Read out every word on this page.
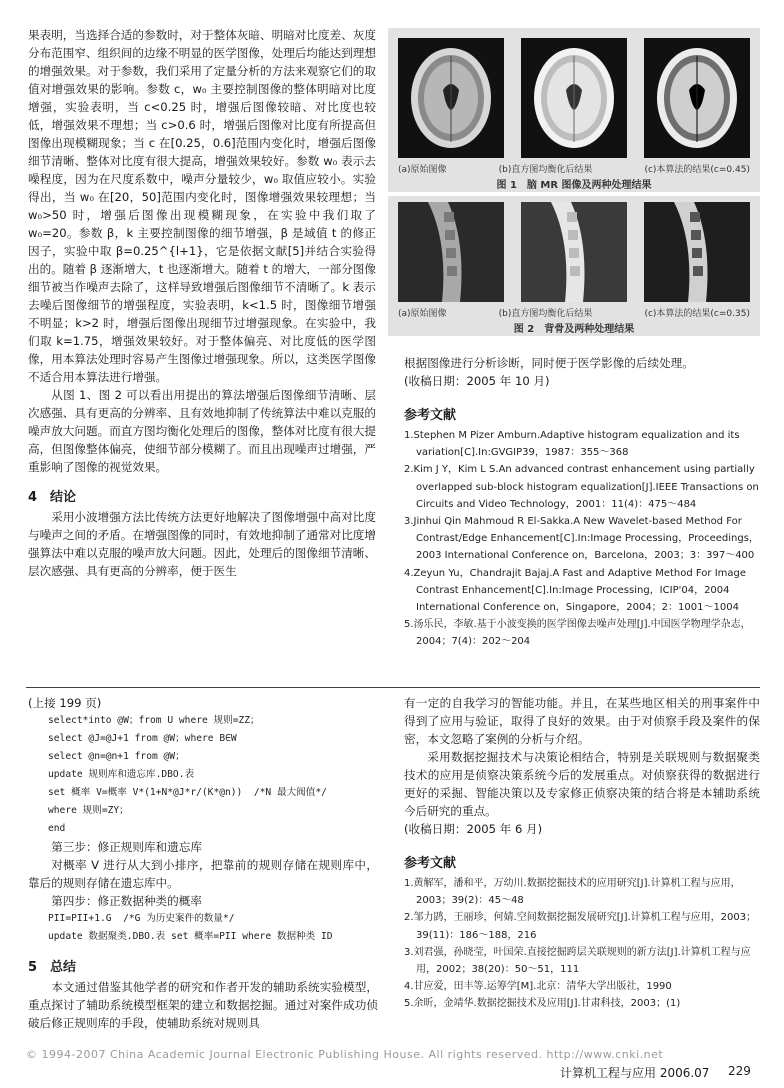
果表明，当选择合适的参数时，对于整体灰暗、明暗对比度差、灰度分布范围窄、组织间的边缘不明显的医学图像，处理后均能达到理想的增强效果。对于参数，我们采用了定量分析的方法来观察它们的取值对增强效果的影响。参数 c，w₀ 主要控制图像的整体明暗对比度增强，实验表明，当 c<0.25 时，增强后图像较暗、对比度也较低，增强效果不理想；当 c>0.6 时，增强后图像对比度有所提高但图像出现模糊现象；当 c 在[0.25，0.6]范围内变化时，增强后图像细节清晰、整体对比度有很大提高，增强效果较好。参数 w₀ 表示去噪程度，因为在尺度系数中，噪声分量较少，w₀ 取值应较小。实验得出，当 w₀ 在[20，50]范围内变化时，图像增强效果较理想；当 w₀>50 时，增强后图像出现模糊现象，在实验中我们取了 w₀=20。参数 β，k 主要控制图像的细节增强，β 是域值 t 的修正因子，实验中取 β=0.25^{l+1}，它是依据文献[5]并结合实验得出的。随着 β 逐渐增大，t 也逐渐增大。随着 t 的增大，一部分图像细节被当作噪声去除了，这样导致增强后图像细节不清晰了。k 表示去噪后图像细节的增强程度，实验表明，k<1.5 时，图像细节增强不明显；k>2 时，增强后图像出现细节过增强现象。在实验中，我们取 k=1.75，增强效果较好。对于整体偏亮、对比度低的医学图像，用本算法处理时容易产生图像过增强现象。所以，这类医学图像不适合用本算法进行增强。

从图 1、图 2 可以看出用提出的算法增强后图像细节清晰、层次感强、具有更高的分辨率、且有效地抑制了传统算法中难以克服的噪声放大问题。而直方图均衡化处理后的图像，整体对比度有很大提高，但图像整体偏亮，使细节部分模糊了。而且出现噪声过增强，严重影响了图像的视觉效果。

4　结论

采用小波增强方法比传统方法更好地解决了图像增强中高对比度与噪声之间的矛盾。在增强图像的同时，有效地抑制了通常对比度增强算法中难以克服的噪声放大问题。因此，处理后的图像细节清晰、层次感强、具有更高的分辨率，便于医生

(a)原始图像	(b)直方图均衡化后结果	(c)本算法的结果(c=0.45)
图 1　脑 MR 图像及两种处理结果
(a)原始图像	(b)直方图均衡化后结果	(c)本算法的结果(c=0.35)
图 2　背骨及两种处理结果

根据图像进行分析诊断，同时便于医学影像的后续处理。

(收稿日期：2005 年 10 月)

参考文献

1.Stephen M Pizer Amburn.Adaptive histogram equalization and its variation[C].In:GVGIP39，1987：355～368

2.Kim J Y，Kim L S.An advanced contrast enhancement using partially overlapped sub-block histogram equalization[J].IEEE Transactions on Circuits and Video Technology，2001：11(4)：475～484

3.Jinhui Qin Mahmoud R El-Sakka.A New Wavelet-based Method For Contrast/Edge Enhancement[C].In:Image Processing，Proceedings，2003 International Conference on，Barcelona，2003；3：397～400

4.Zeyun Yu，Chandrajit Bajaj.A Fast and Adaptive Method For Image Contrast Enhancement[C].In:Image Processing，ICIP'04，2004 International Conference on，Singapore，2004；2：1001～1004

5.汤乐民，李敏.基于小波变换的医学图像去噪声处理[J].中国医学物理学杂志，2004；7(4)：202～204

(上接 199 页)

select*into @W；from U where 规则=ZZ；

select @J=@J+1 from @W；where B∈W

select @n=@n+1 from @W；

update 规则库和遗忘库.DBO.表

set 概率 V=概率 V*(1+N*@J*r/(K*@n))  /*N 最大阀值*/

where 规则=ZY；

end

第三步：修正规则库和遗忘库

对概率 V 进行从大到小排序，把靠前的规则存储在规则库中，靠后的规则存储在遗忘库中。

第四步：修正数据种类的概率

PII=PII+1.G  /*G 为历史案件的数量*/

update 数据聚类.DBO.表 set 概率=PII where 数据种类 ID

5　总结

本文通过借鉴其他学者的研究和作者开发的辅助系统实验模型，重点探讨了辅助系统模型框架的建立和数据挖掘。通过对案件成功侦破后修正规则库的手段，使辅助系统对规则具

有一定的自我学习的智能功能。并且，在某些地区相关的刑事案件中得到了应用与验证，取得了良好的效果。由于对侦察手段及案件的保密，本文忽略了案例的分析与介绍。

采用数据挖掘技术与决策论相结合，特别是关联规则与数据聚类技术的应用是侦察决策系统今后的发展重点。对侦察获得的数据进行更好的采掘、智能决策以及专家修正侦察决策的结合将是本辅助系统今后研究的重点。

(收稿日期：2005 年 6 月)

参考文献

1.黄解军，潘和平，万幼川.数据挖掘技术的应用研究[J].计算机工程与应用，2003；39(2)：45～48

2.邹力鹍，王丽珍，何婧.空间数据挖掘发展研究[J].计算机工程与应用，2003；39(11)：186～188，216

3.刘君强，孙晓莹，叶国荣.直接挖掘跨层关联规则的新方法[J].计算机工程与应用，2002；38(20)：50～51，111

4.甘应爱，田丰等.运筹学[M].北京：清华大学出版社，1990

5.余昕，金靖华.数据挖掘技术及应用[J].甘肃科技，2003；(1)

© 1994-2007 China Academic Journal Electronic Publishing House. All rights reserved. http://www.cnki.net
计算机工程与应用 2006.07 229
